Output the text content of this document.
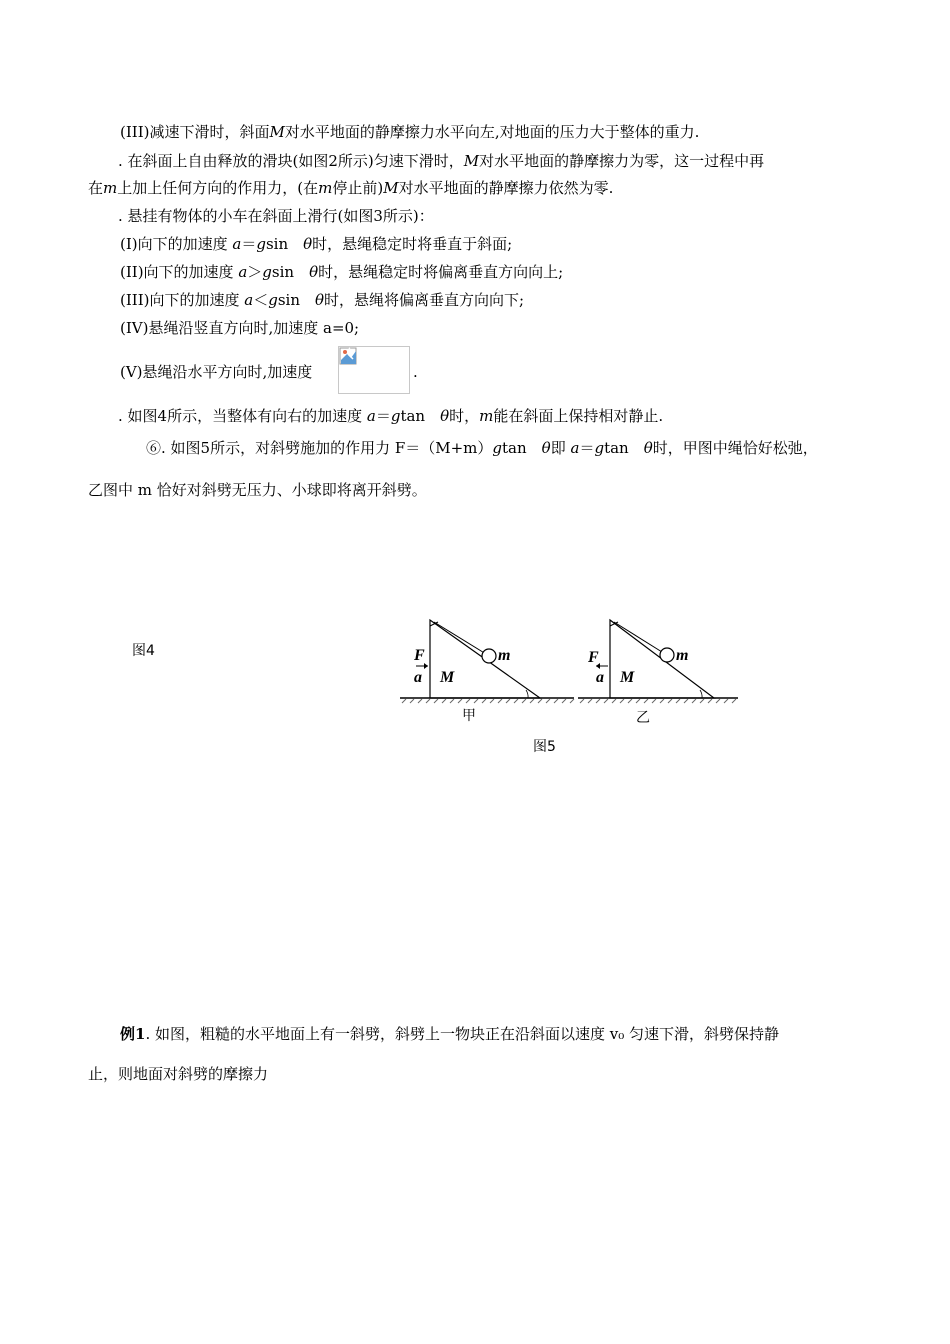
(III)减速下滑时，斜面M对水平地面的静摩擦力水平向左,对地面的压力大于整体的重力.
. 在斜面上自由释放的滑块(如图2所示)匀速下滑时，M对水平地面的静摩擦力为零，这一过程中再
在m上加上任何方向的作用力，(在m停止前)M对水平地面的静摩擦力依然为零.
. 悬挂有物体的小车在斜面上滑行(如图3所示)：
(I)向下的加速度 a＝gsin　θ时，悬绳稳定时将垂直于斜面;
(II)向下的加速度 a＞gsin　θ时，悬绳稳定时将偏离垂直方向向上;
(III)向下的加速度 a＜gsin　θ时，悬绳将偏离垂直方向向下;
(IV)悬绳沿竖直方向时,加速度 a=0;
(V)悬绳沿水平方向时,加速度	.
. 如图4所示，当整体有向右的加速度 a＝gtan　θ时，m能在斜面上保持相对静止.
⑥. 如图5所示，对斜劈施加的作用力 F＝（M+m）gtan　θ即 a＝gtan　θ时，甲图中绳恰好松弛，
乙图中 m 恰好对斜劈无压力、小球即将离开斜劈。
图4
图5
F
a M
m
甲
F
a M
m
乙
例1. 如图，粗糙的水平地面上有一斜劈，斜劈上一物块正在沿斜面以速度 v₀ 匀速下滑，斜劈保持静
止，则地面对斜劈的摩擦力
